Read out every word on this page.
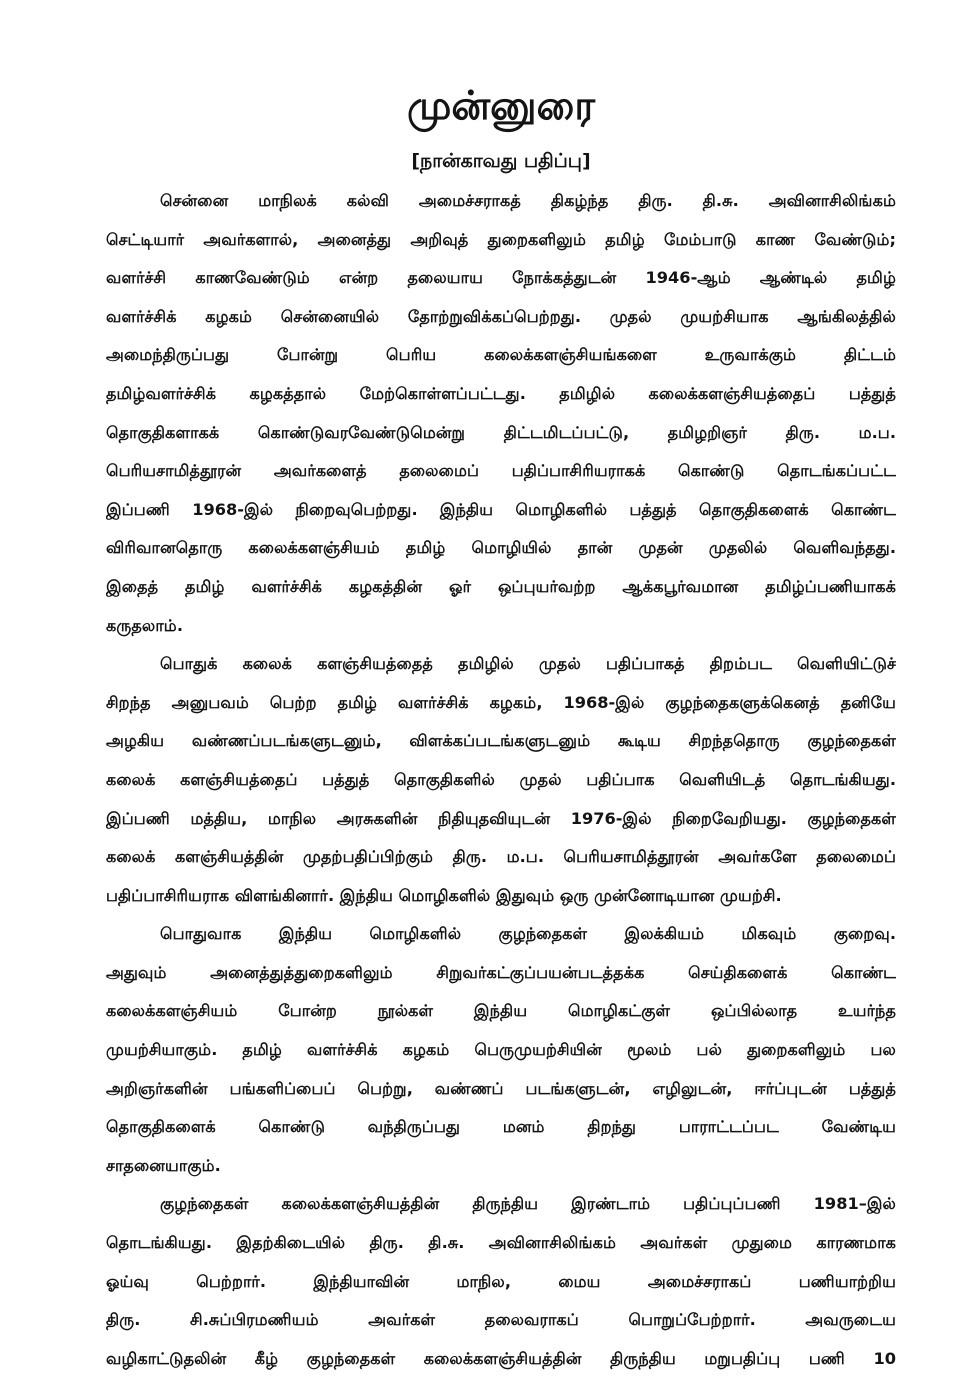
முன்னுரை
[நான்காவது பதிப்பு]
சென்னை மாநிலக் கல்வி அமைச்சராகத் திகழ்ந்த திரு. தி.சு. அவினாசிலிங்கம்
செட்டியார் அவர்களால், அனைத்து அறிவுத் துறைகளிலும் தமிழ் மேம்பாடு காண வேண்டும்;
வளர்ச்சி காணவேண்டும் என்ற தலையாய நோக்கத்துடன் 1946-ஆம் ஆண்டில் தமிழ்
வளர்ச்சிக் கழகம் சென்னையில் தோற்றுவிக்கப்பெற்றது. முதல் முயற்சியாக ஆங்கிலத்தில்
அமைந்திருப்பது போன்று பெரிய கலைக்களஞ்சியங்களை உருவாக்கும் திட்டம்
தமிழ்வளர்ச்சிக் கழகத்தால் மேற்கொள்ளப்பட்டது. தமிழில் கலைக்களஞ்சியத்தைப் பத்துத்
தொகுதிகளாகக் கொண்டுவரவேண்டுமென்று திட்டமிடப்பட்டு, தமிழறிஞர் திரு. ம.ப.
பெரியசாமித்தூரன் அவர்களைத் தலைமைப் பதிப்பாசிரியராகக் கொண்டு தொடங்கப்பட்ட
இப்பணி 1968-இல் நிறைவுபெற்றது. இந்திய மொழிகளில் பத்துத் தொகுதிகளைக் கொண்ட
விரிவானதொரு கலைக்களஞ்சியம் தமிழ் மொழியில் தான் முதன் முதலில் வெளிவந்தது.
இதைத் தமிழ் வளர்ச்சிக் கழகத்தின் ஓர் ஒப்புயர்வற்ற ஆக்கபூர்வமான தமிழ்ப்பணியாகக்
கருதலாம்.
பொதுக் கலைக் களஞ்சியத்தைத் தமிழில் முதல் பதிப்பாகத் திறம்பட வெளியிட்டுச்
சிறந்த அனுபவம் பெற்ற தமிழ் வளர்ச்சிக் கழகம், 1968-இல் குழந்தைகளுக்கெனத் தனியே
அழகிய வண்ணப்படங்களுடனும், விளக்கப்படங்களுடனும் கூடிய சிறந்ததொரு குழந்தைகள்
கலைக் களஞ்சியத்தைப் பத்துத் தொகுதிகளில் முதல் பதிப்பாக வெளியிடத் தொடங்கியது.
இப்பணி மத்திய, மாநில அரசுகளின் நிதியுதவியுடன் 1976-இல் நிறைவேறியது. குழந்தைகள்
கலைக் களஞ்சியத்தின் முதற்பதிப்பிற்கும் திரு. ம.ப. பெரியசாமித்தூரன் அவர்களே தலைமைப்
பதிப்பாசிரியராக விளங்கினார். இந்திய மொழிகளில் இதுவும் ஒரு முன்னோடியான முயற்சி.
பொதுவாக இந்திய மொழிகளில் குழந்தைகள் இலக்கியம் மிகவும் குறைவு.
அதுவும் அனைத்துத்துறைகளிலும் சிறுவர்கட்குப்பயன்படத்தக்க செய்திகளைக் கொண்ட
கலைக்களஞ்சியம் போன்ற நூல்கள் இந்திய மொழிகட்குள் ஒப்பில்லாத உயர்ந்த
முயற்சியாகும். தமிழ் வளர்ச்சிக் கழகம் பெருமுயற்சியின் மூலம் பல் துறைகளிலும் பல
அறிஞர்களின் பங்களிப்பைப் பெற்று, வண்ணப் படங்களுடன், எழிலுடன், ஈர்ப்புடன் பத்துத்
தொகுதிகளைக் கொண்டு வந்திருப்பது மனம் திறந்து பாராட்டப்பட வேண்டிய
சாதனையாகும்.
குழந்தைகள் கலைக்களஞ்சியத்தின் திருந்திய இரண்டாம் பதிப்புப்பணி 1981–இல்
தொடங்கியது. இதற்கிடையில் திரு. தி.சு. அவினாசிலிங்கம் அவர்கள் முதுமை காரணமாக
ஓய்வு பெற்றார். இந்தியாவின் மாநில, மைய அமைச்சராகப் பணியாற்றிய
திரு. சி.சுப்பிரமணியம் அவர்கள் தலைவராகப் பொறுப்பேற்றார். அவருடைய
வழிகாட்டுதலின் கீழ் குழந்தைகள் கலைக்களஞ்சியத்தின் திருந்திய மறுபதிப்பு பணி 10
